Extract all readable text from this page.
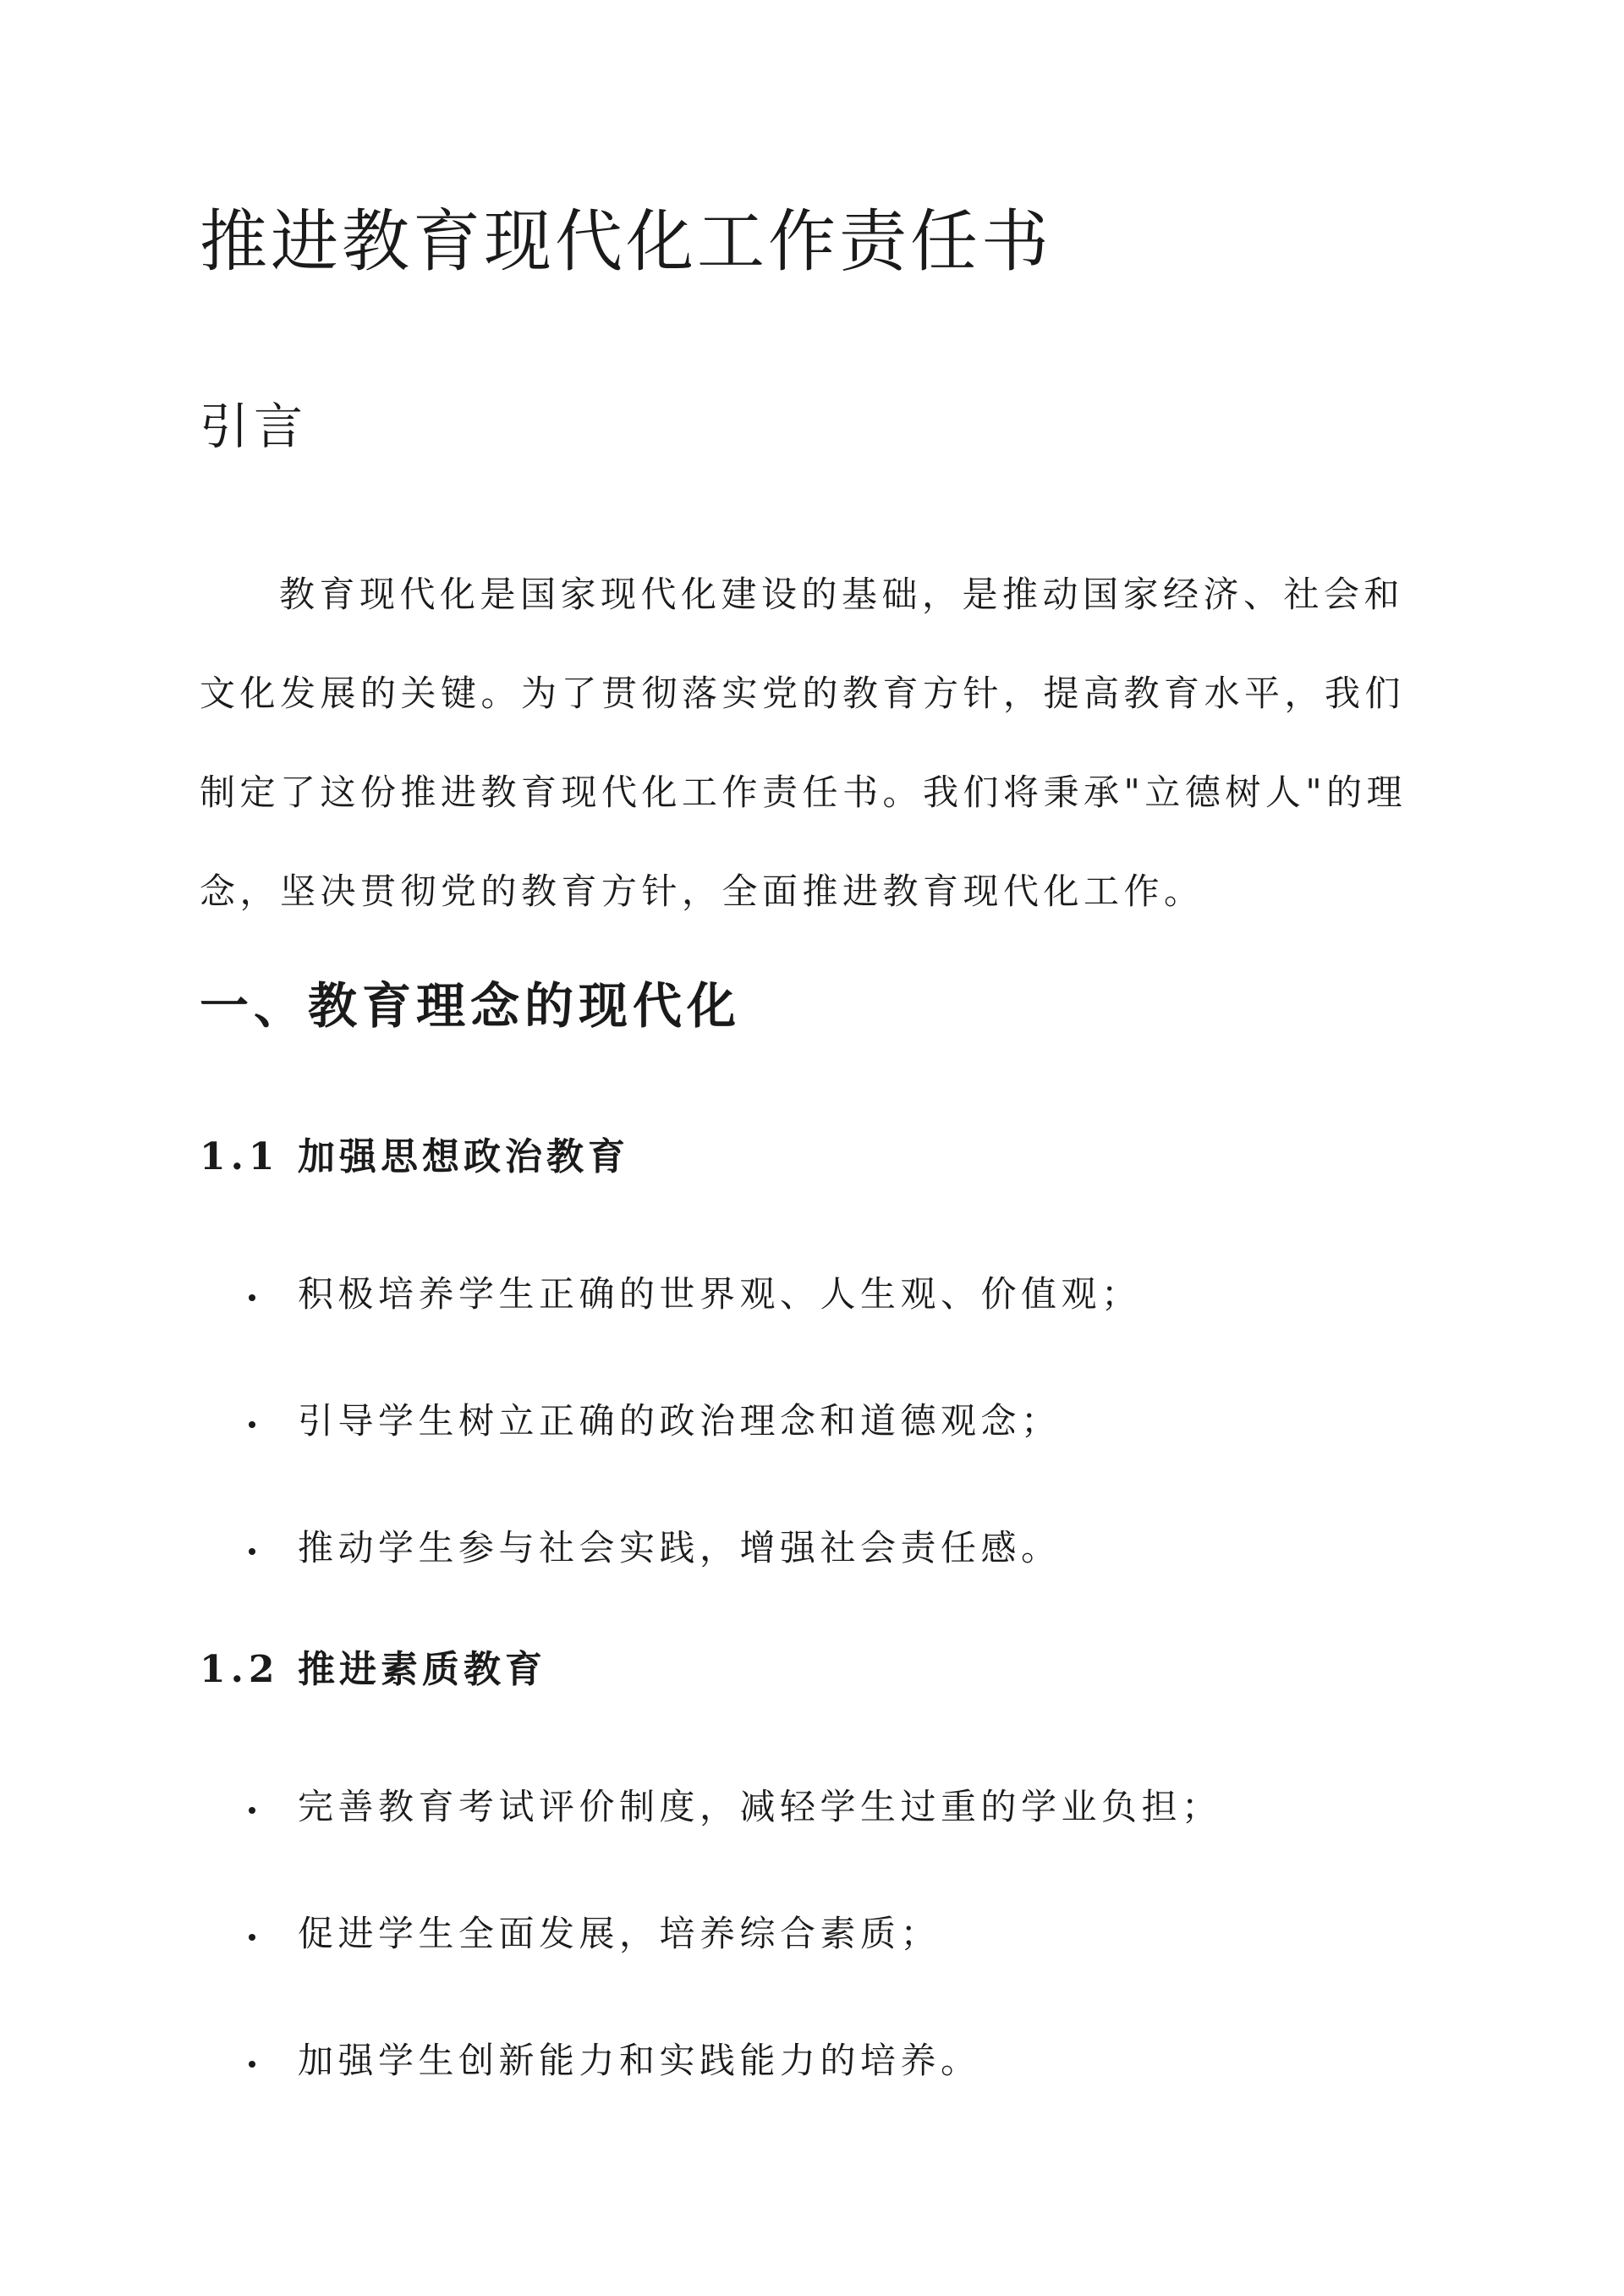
推进教育现代化工作责任书
引言

教育现代化是国家现代化建设的基础，是推动国家经济、社会和文化发展的关键。为了贯彻落实党的教育方针，提高教育水平，我们制定了这份推进教育现代化工作责任书。我们将秉承"立德树人"的理念，坚决贯彻党的教育方针，全面推进教育现代化工作。

一、教育理念的现代化
1.1 加强思想政治教育
积极培养学生正确的世界观、人生观、价值观；
引导学生树立正确的政治理念和道德观念；
推动学生参与社会实践，增强社会责任感。
1.2 推进素质教育
完善教育考试评价制度，减轻学生过重的学业负担；
促进学生全面发展，培养综合素质；
加强学生创新能力和实践能力的培养。
